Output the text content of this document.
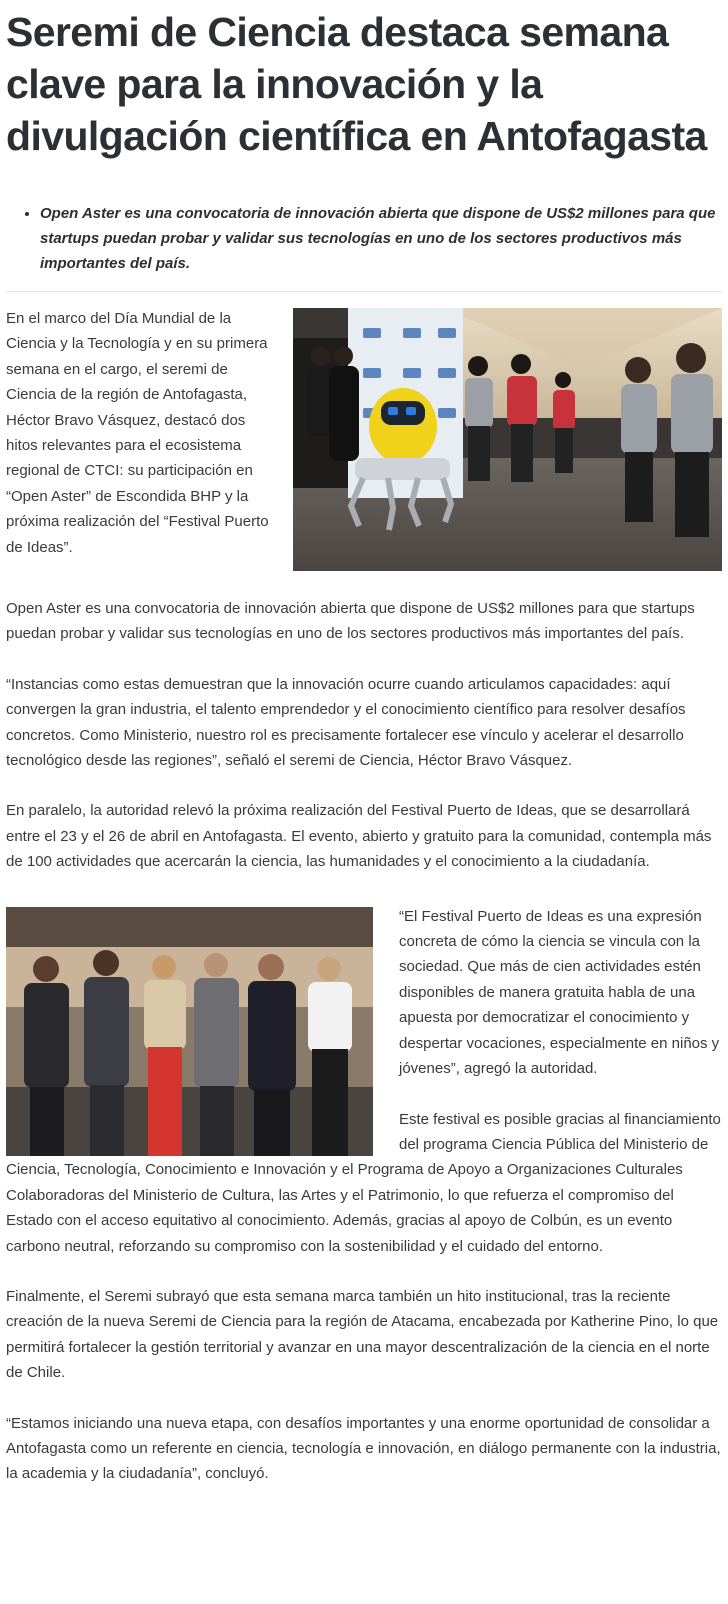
Seremi de Ciencia destaca semana clave para la innovación y la divulgación científica en Antofagasta
• Open Aster es una convocatoria de innovación abierta que dispone de US$2 millones para que startups puedan probar y validar sus tecnologías en uno de los sectores productivos más importantes del país.

En el marco del Día Mundial de la Ciencia y la Tecnología y en su primera semana en el cargo, el seremi de Ciencia de la región de Antofagasta, Héctor Bravo Vásquez, destacó dos hitos relevantes para el ecosistema regional de CTCI: su participación en “Open Aster” de Escondida BHP y la próxima realización del “Festival Puerto de Ideas”.

Open Aster es una convocatoria de innovación abierta que dispone de US$2 millones para que startups puedan probar y validar sus tecnologías en uno de los sectores productivos más importantes del país.

“Instancias como estas demuestran que la innovación ocurre cuando articulamos capacidades: aquí convergen la gran industria, el talento emprendedor y el conocimiento científico para resolver desafíos concretos. Como Ministerio, nuestro rol es precisamente fortalecer ese vínculo y acelerar el desarrollo tecnológico desde las regiones”, señaló el seremi de Ciencia, Héctor Bravo Vásquez.

En paralelo, la autoridad relevó la próxima realización del Festival Puerto de Ideas, que se desarrollará entre el 23 y el 26 de abril en Antofagasta. El evento, abierto y gratuito para la comunidad, contempla más de 100 actividades que acercarán la ciencia, las humanidades y el conocimiento a la ciudadanía.

“El Festival Puerto de Ideas es una expresión concreta de cómo la ciencia se vincula con la sociedad. Que más de cien actividades estén disponibles de manera gratuita habla de una apuesta por democratizar el conocimiento y despertar vocaciones, especialmente en niños y jóvenes”, agregó la autoridad.

Este festival es posible gracias al financiamiento del programa Ciencia Pública del Ministerio de Ciencia, Tecnología, Conocimiento e Innovación y el Programa de Apoyo a Organizaciones Culturales Colaboradoras del Ministerio de Cultura, las Artes y el Patrimonio, lo que refuerza el compromiso del Estado con el acceso equitativo al conocimiento. Además, gracias al apoyo de Colbún, es un evento carbono neutral, reforzando su compromiso con la sostenibilidad y el cuidado del entorno.

Finalmente, el Seremi subrayó que esta semana marca también un hito institucional, tras la reciente creación de la nueva Seremi de Ciencia para la región de Atacama, encabezada por Katherine Pino, lo que permitirá fortalecer la gestión territorial y avanzar en una mayor descentralización de la ciencia en el norte de Chile.

“Estamos iniciando una nueva etapa, con desafíos importantes y una enorme oportunidad de consolidar a Antofagasta como un referente en ciencia, tecnología e innovación, en diálogo permanente con la industria, la academia y la ciudadanía”, concluyó.
